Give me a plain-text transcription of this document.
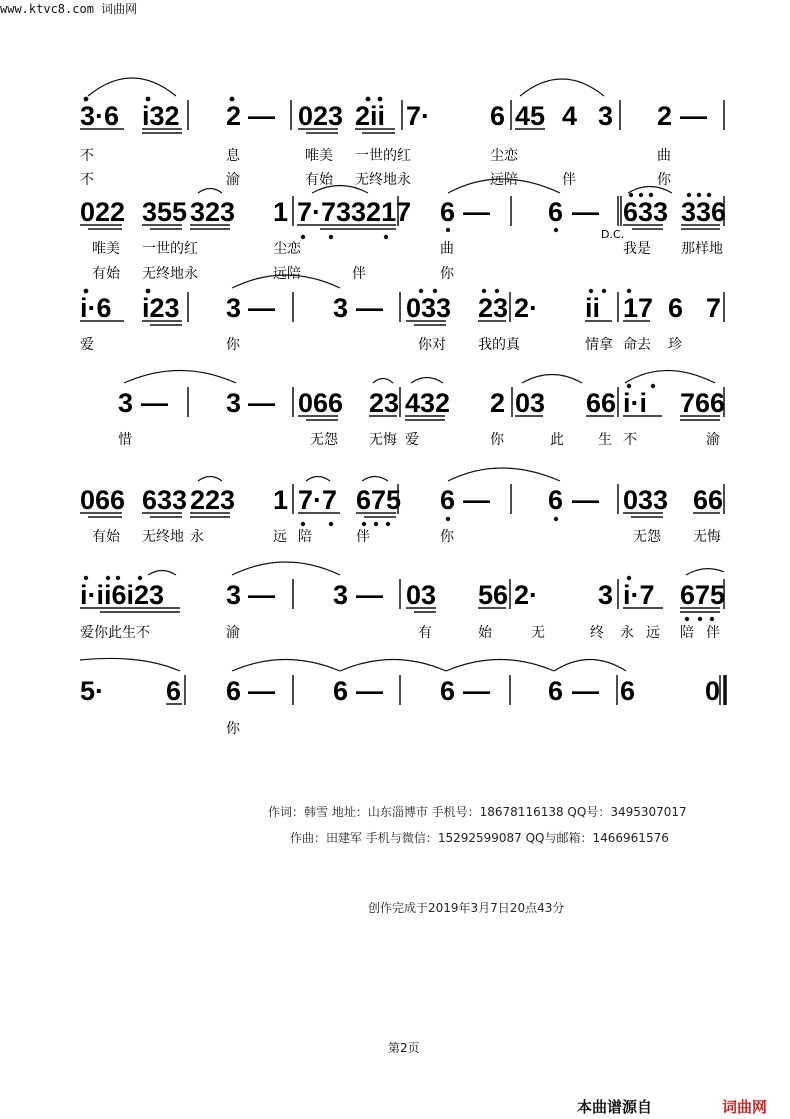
www.ktvc8.com 词曲网
3·6 i32 2 — 023 2ii 7· 6 45 4 3 2 —
不	息	唯美 一世的红	尘恋	曲
不	渝	有始 无终地永	远陪	伴	你
022 355 323 1 7·733217 6 — 6 — 633 336
D.C.
唯美 一世的红	尘恋	曲	我是 那样地
有始 无终地永	远陪	伴	你
i·6 i23 3 — 3 — 033 23 2· ii 17 6 7
爱	你	你对 我的真	情拿 命去 珍
3 — 3 — 066 23 432 2 03 66 i·i 766
惜	无怨 无悔 爱	你	此 生 不	渝
066 633 223 1 7·7 675 6 — 6 — 033 66
有始 无终地 永	远 陪	伴	你	无怨 无悔
i·ii6i23 3 — 3 — 03 56 2· 3 i·7 675
爱你此生不	渝	有	始	无	终 永 远 陪 伴
5· 6 6 — 6 — 6 — 6 — 6	0
你
作词：韩雪 地址：山东淄博市 手机号：18678116138 QQ号：3495307017
作曲：田建军 手机与微信：15292599087 QQ与邮箱：1466961576
创作完成于2019年3月7日20点43分
第2页
本曲谱源自	词曲网
